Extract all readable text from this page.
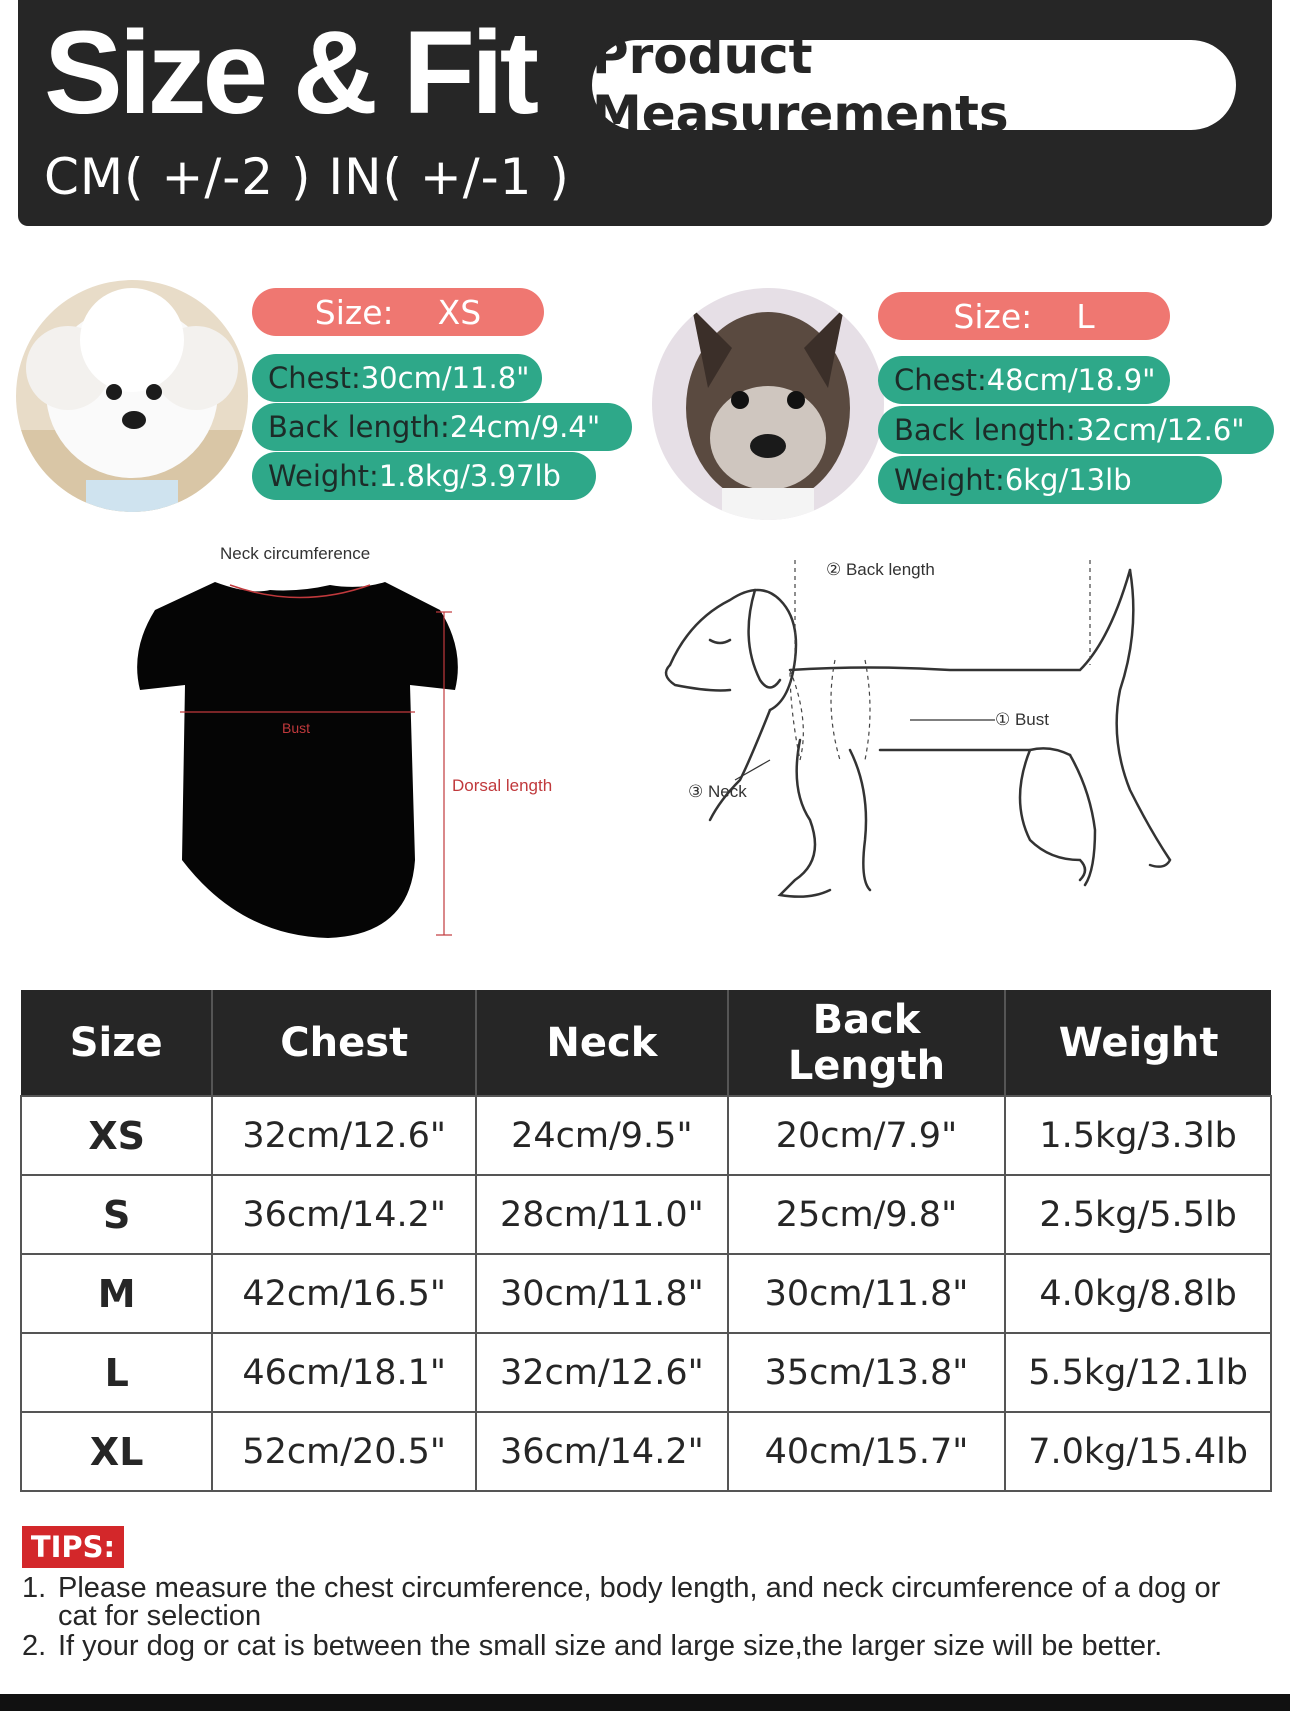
Size & Fit Product Measurements
CM( +/-2 ) IN( +/-1 )
Size: XS
Chest: 30cm/11.8"
Back length: 24cm/9.4"
Weight: 1.8kg/3.97lb
Size: L
Chest: 48cm/18.9"
Back length: 32cm/12.6"
Weight: 6kg/13lb
Neck circumference
Bust
Dorsal length
② Back length
① Bust
③ Neck
Size	Chest	Neck	Back Length	Weight
XS	32cm/12.6"	24cm/9.5"	20cm/7.9"	1.5kg/3.3lb
S	36cm/14.2"	28cm/11.0"	25cm/9.8"	2.5kg/5.5lb
M	42cm/16.5"	30cm/11.8"	30cm/11.8"	4.0kg/8.8lb
L	46cm/18.1"	32cm/12.6"	35cm/13.8"	5.5kg/12.1lb
XL	52cm/20.5"	36cm/14.2"	40cm/15.7"	7.0kg/15.4lb
TIPS:
1. Please measure the chest circumference, body length, and neck circumference of a dog or
cat for selection
2. If your dog or cat is between the small size and large size,the larger size will be better.
